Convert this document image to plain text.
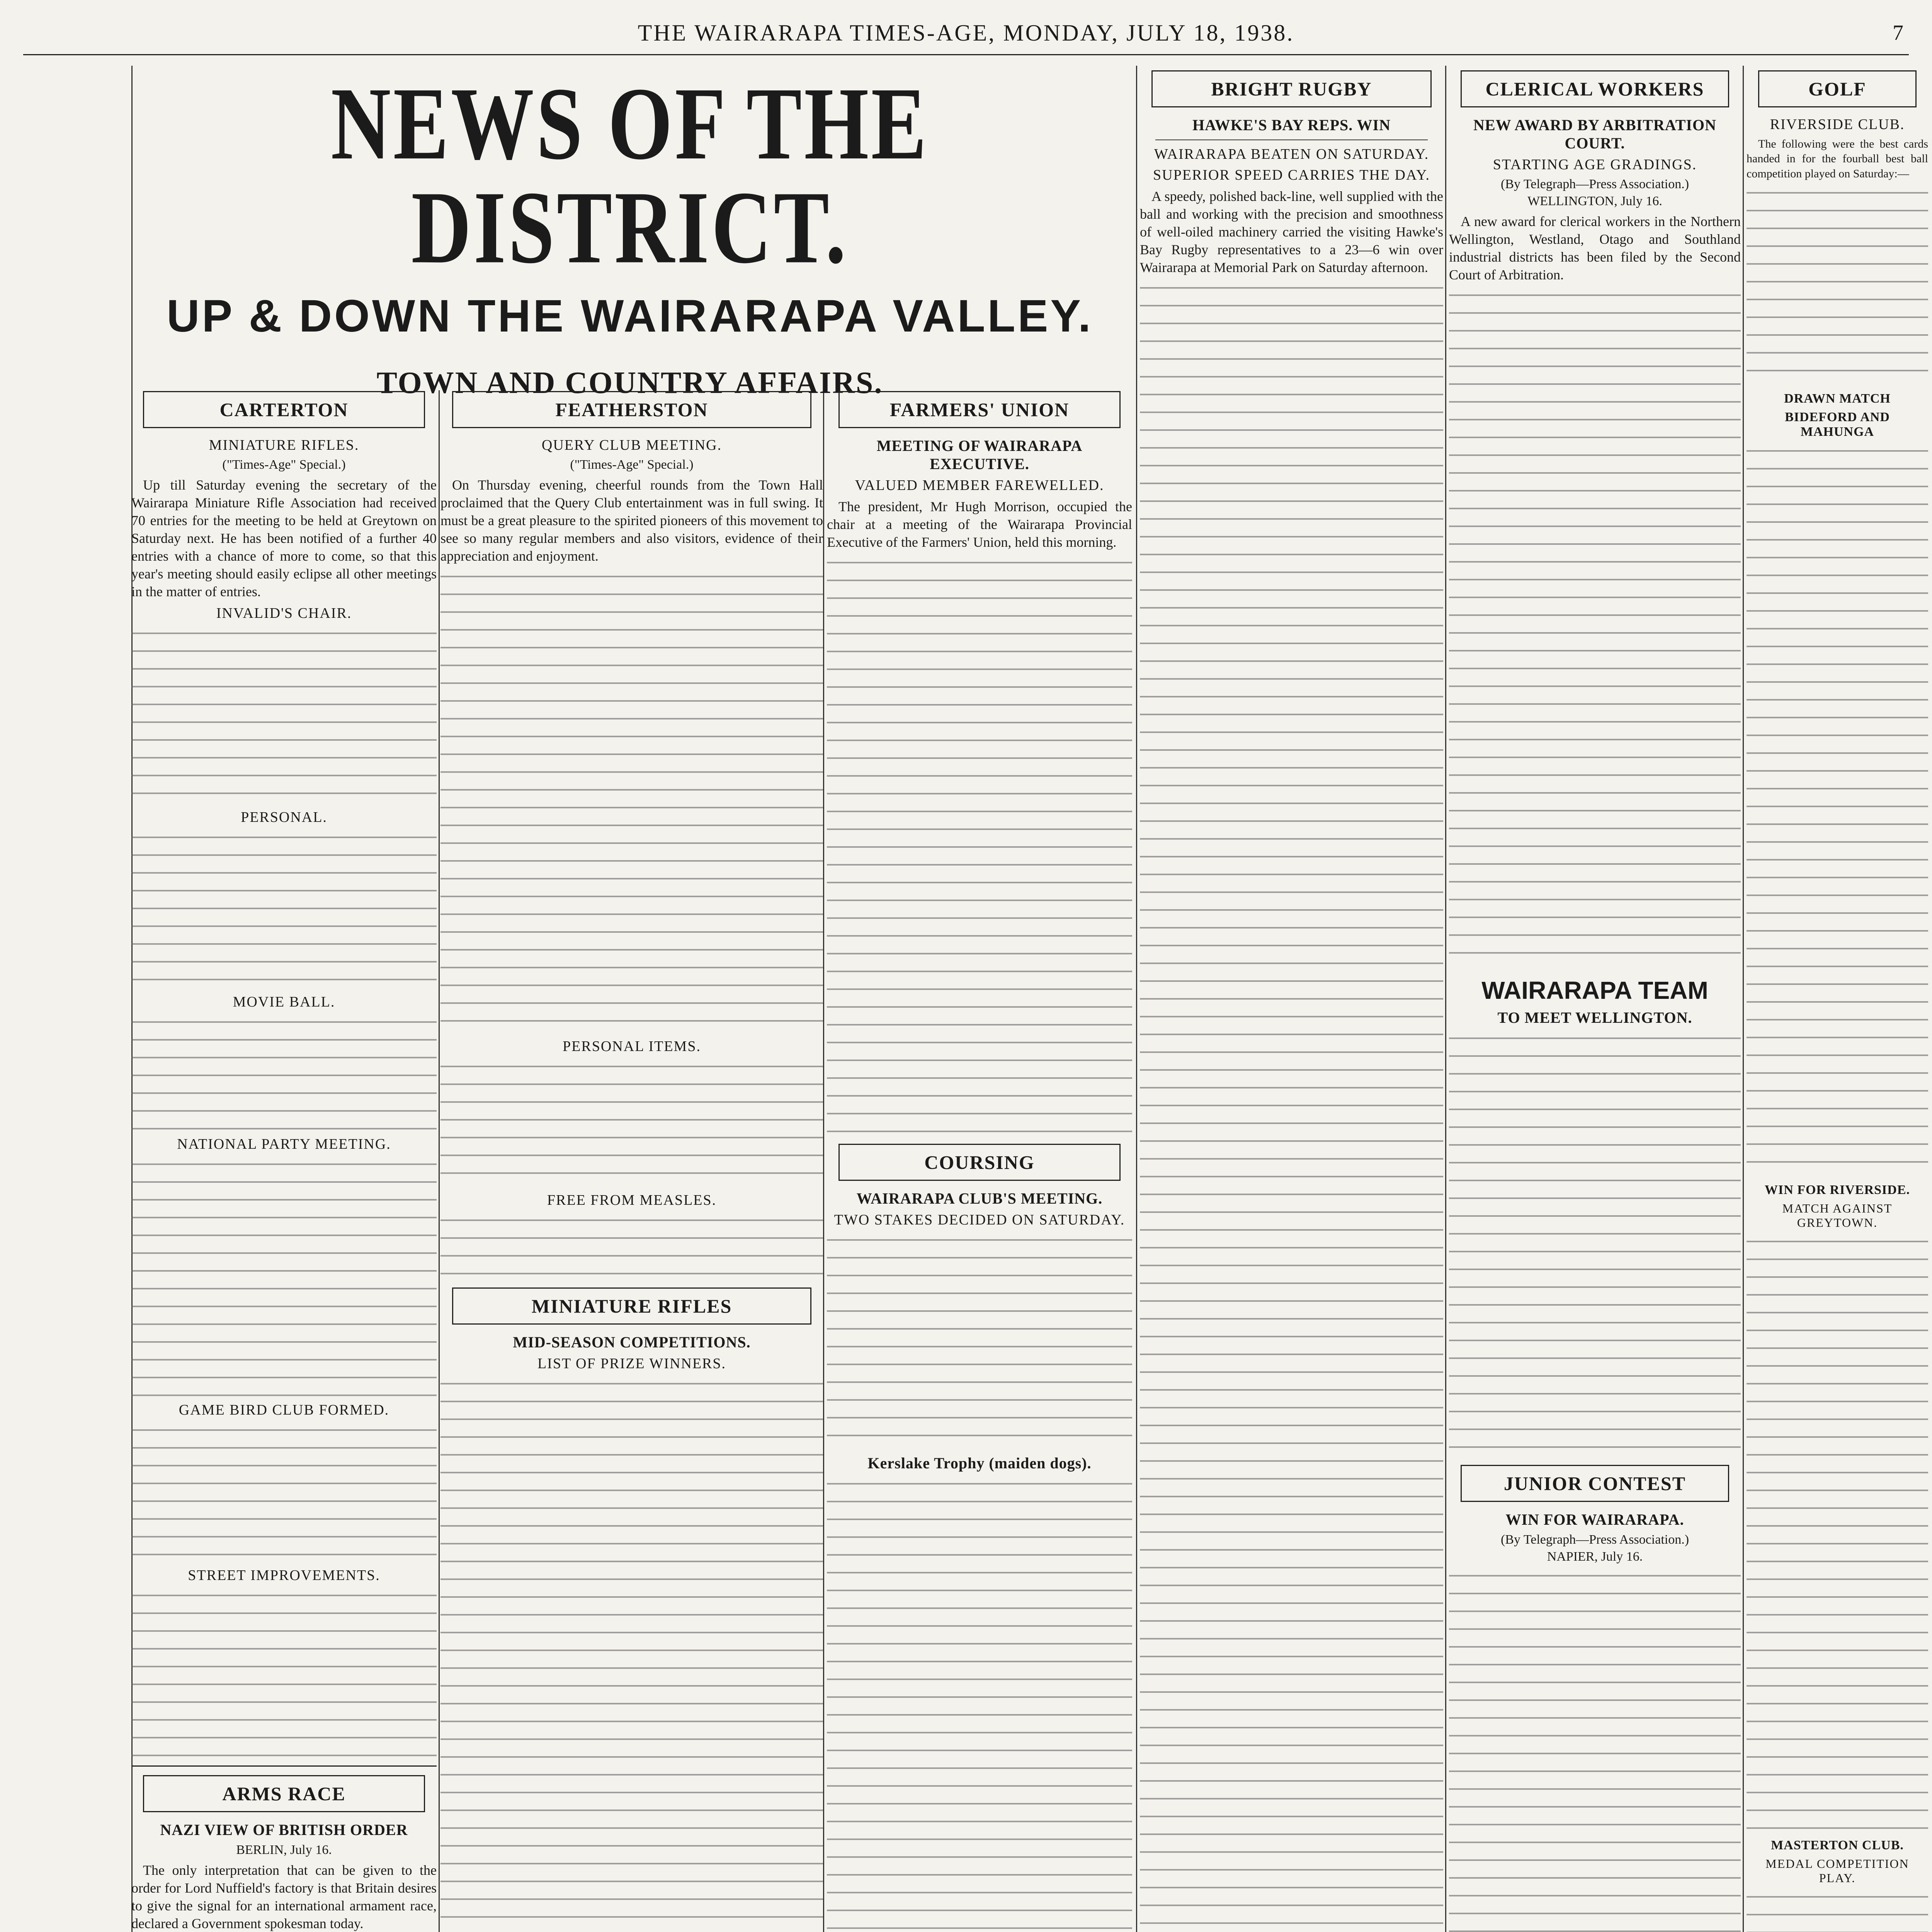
THE WAIRARAPA TIMES-AGE, MONDAY, JULY 18, 1938.	7
NEWS OF THE DISTRICT.
UP & DOWN THE WAIRARAPA VALLEY.
TOWN AND COUNTRY AFFAIRS.
CARTERTON
MINIATURE RIFLES.
("Times-Age" Special.)
Up till Saturday evening the secretary of the Wairarapa Miniature Rifle Association had received 70 entries for the meeting to be held at Greytown on Saturday next. He has been notified of a further 40 entries with a chance of more to come, so that this year's meeting should easily eclipse all other meetings in the matter of entries.
INVALID'S CHAIR.
PERSONAL.
MOVIE BALL.
NATIONAL PARTY MEETING.
GAME BIRD CLUB FORMED.
STREET IMPROVEMENTS.
ARMS RACE
NAZI VIEW OF BRITISH ORDER
BERLIN, July 16.
The only interpretation that can be given to the order for Lord Nuffield's factory is that Britain desires to give the signal for an international armament race, declared a Government spokesman today.
FEATHERSTON
QUERY CLUB MEETING.
("Times-Age" Special.)
On Thursday evening, cheerful rounds from the Town Hall proclaimed that the Query Club entertainment was in full swing. It must be a great pleasure to the spirited pioneers of this movement to see so many regular members and also visitors, evidence of their appreciation and enjoyment.
PERSONAL ITEMS.
FREE FROM MEASLES.
MINIATURE RIFLES
MID-SEASON COMPETITIONS.
LIST OF PRIZE WINNERS.
FARMERS' UNION
MEETING OF WAIRARAPA EXECUTIVE.
VALUED MEMBER FAREWELLED.
The president, Mr Hugh Morrison, occupied the chair at a meeting of the Wairarapa Provincial Executive of the Farmers' Union, held this morning.
COURSING
WAIRARAPA CLUB'S MEETING.
TWO STAKES DECIDED ON SATURDAY.
Kerslake Trophy (maiden dogs).
BRIGHT RUGBY
HAWKE'S BAY REPS. WIN
WAIRARAPA BEATEN ON SATURDAY.
SUPERIOR SPEED CARRIES THE DAY.
A speedy, polished back-line, well supplied with the ball and working with the precision and smoothness of well-oiled machinery carried the visiting Hawke's Bay Rugby representatives to a 23—6 win over Wairarapa at Memorial Park on Saturday afternoon.
CLERICAL WORKERS
NEW AWARD BY ARBITRATION COURT.
STARTING AGE GRADINGS.
(By Telegraph—Press Association.)
WELLINGTON, July 16.
A new award for clerical workers in the Northern Wellington, Westland, Otago and Southland industrial districts has been filed by the Second Court of Arbitration.
WAIRARAPA TEAM
TO MEET WELLINGTON.
JUNIOR CONTEST
WIN FOR WAIRARAPA.
(By Telegraph—Press Association.)
NAPIER, July 16.
GOLF
RIVERSIDE CLUB.
The following were the best cards handed in for the fourball best ball competition played on Saturday:—
DRAWN MATCH
BIDEFORD AND MAHUNGA
WIN FOR RIVERSIDE.
MATCH AGAINST GREYTOWN.
MASTERTON CLUB.
MEDAL COMPETITION PLAY.
